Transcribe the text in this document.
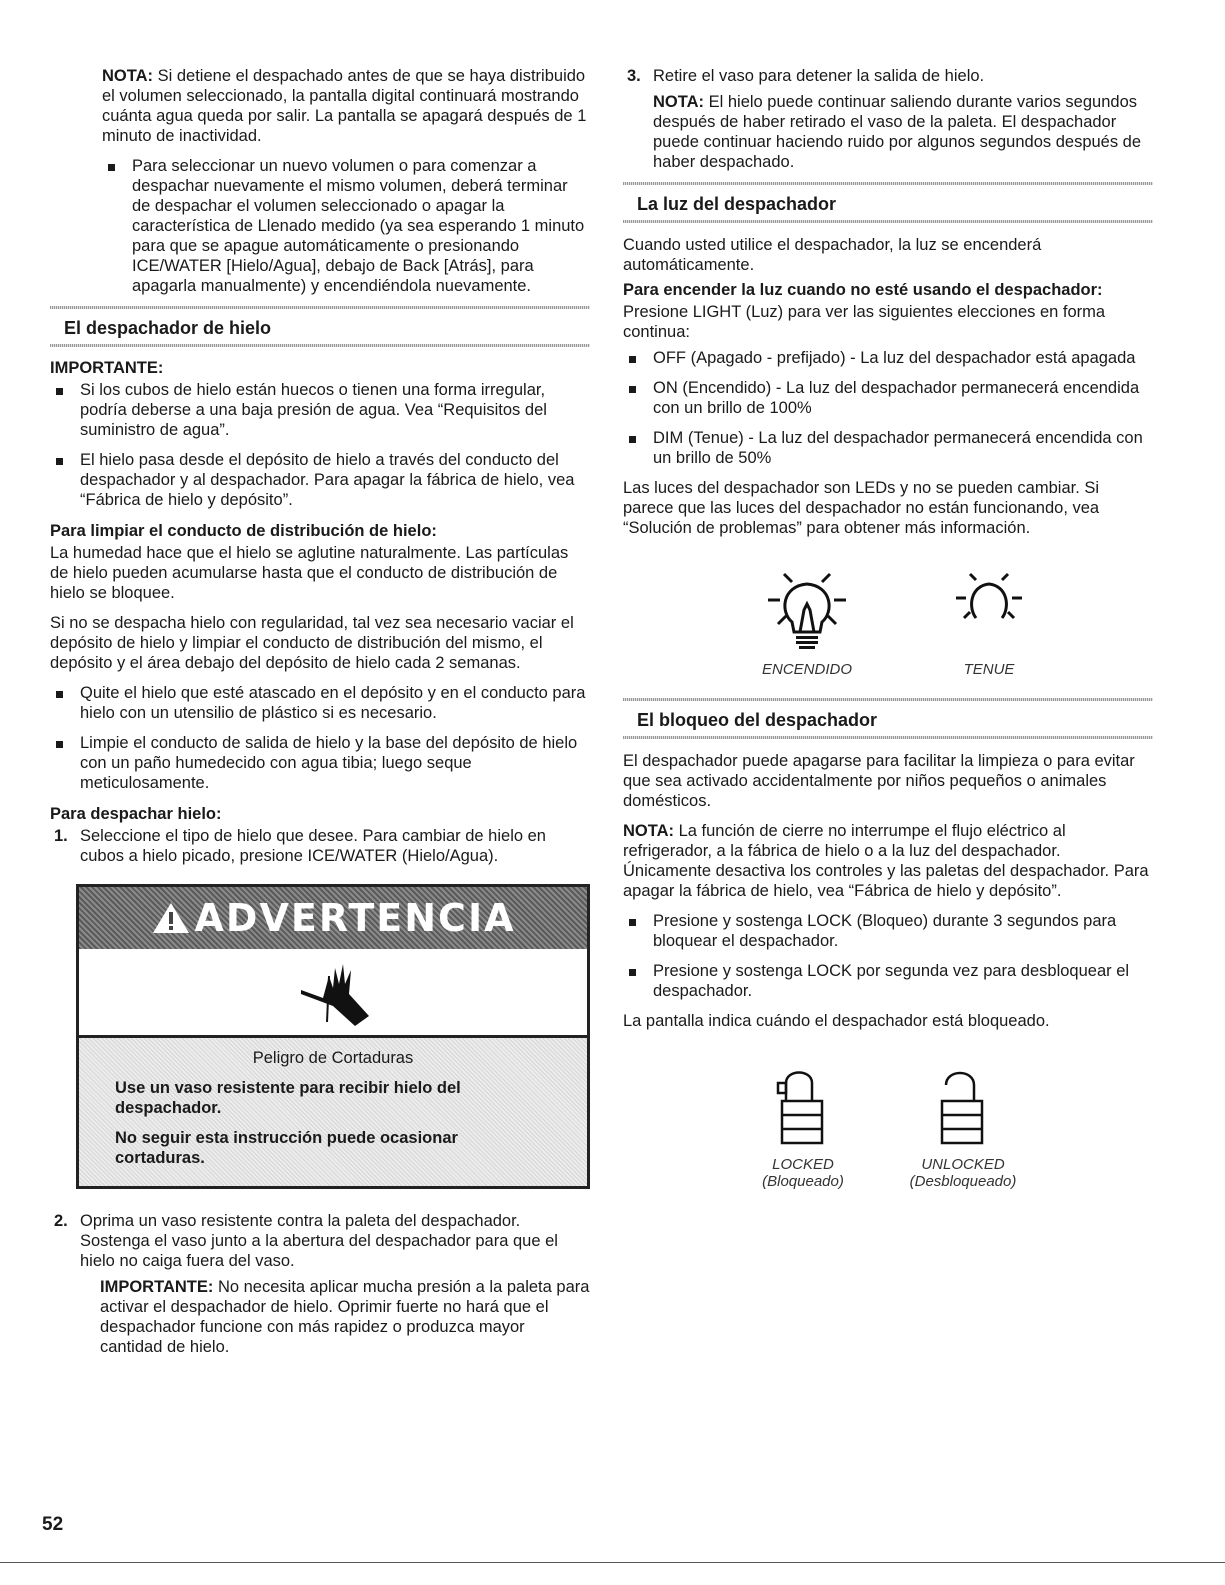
NOTA: Si detiene el despachado antes de que se haya distribuido el volumen seleccionado, la pantalla digital continuará mostrando cuánta agua queda por salir. La pantalla se apagará después de 1 minuto de inactividad.

Para seleccionar un nuevo volumen o para comenzar a despachar nuevamente el mismo volumen, deberá terminar de despachar el volumen seleccionado o apagar la característica de Llenado medido (ya sea esperando 1 minuto para que se apague automáticamente o presionando ICE/WATER [Hielo/Agua], debajo de Back [Atrás], para apagarla manualmente) y encendiéndola nuevamente.
El despachador de hielo
IMPORTANTE:
Si los cubos de hielo están huecos o tienen una forma irregular, podría deberse a una baja presión de agua. Vea “Requisitos del suministro de agua”.
El hielo pasa desde el depósito de hielo a través del conducto del despachador y al despachador. Para apagar la fábrica de hielo, vea “Fábrica de hielo y depósito”.
Para limpiar el conducto de distribución de hielo:

La humedad hace que el hielo se aglutine naturalmente. Las partículas de hielo pueden acumularse hasta que el conducto de distribución de hielo se bloquee.

Si no se despacha hielo con regularidad, tal vez sea necesario vaciar el depósito de hielo y limpiar el conducto de distribución del mismo, el depósito y el área debajo del depósito de hielo cada 2 semanas.

Quite el hielo que esté atascado en el depósito y en el conducto para hielo con un utensilio de plástico si es necesario.
Limpie el conducto de salida de hielo y la base del depósito de hielo con un paño humedecido con agua tibia; luego seque meticulosamente.
Para despachar hielo:
1. Seleccione el tipo de hielo que desee. Para cambiar de hielo en cubos a hielo picado, presione ICE/WATER (Hielo/Agua).
ADVERTENCIA

Peligro de Cortaduras

Use un vaso resistente para recibir hielo del despachador.

No seguir esta instrucción puede ocasionar cortaduras.

2. Oprima un vaso resistente contra la paleta del despachador. Sostenga el vaso junto a la abertura del despachador para que el hielo no caiga fuera del vaso.

IMPORTANTE: No necesita aplicar mucha presión a la paleta para activar el despachador de hielo. Oprimir fuerte no hará que el despachador funcione con más rapidez o produzca mayor cantidad de hielo.

3. Retire el vaso para detener la salida de hielo.

NOTA: El hielo puede continuar saliendo durante varios segundos después de haber retirado el vaso de la paleta. El despachador puede continuar haciendo ruido por algunos segundos después de haber despachado.

La luz del despachador

Cuando usted utilice el despachador, la luz se encenderá automáticamente.

Para encender la luz cuando no esté usando el despachador:

Presione LIGHT (Luz) para ver las siguientes elecciones en forma continua:

OFF (Apagado - prefijado) - La luz del despachador está apagada
ON (Encendido) - La luz del despachador permanecerá encendida con un brillo de 100%
DIM (Tenue) - La luz del despachador permanecerá encendida con un brillo de 50%

Las luces del despachador son LEDs y no se pueden cambiar. Si parece que las luces del despachador no están funcionando, vea “Solución de problemas” para obtener más información.

ENCENDIDO	TENUE
El bloqueo del despachador

El despachador puede apagarse para facilitar la limpieza o para evitar que sea activado accidentalmente por niños pequeños o animales domésticos.

NOTA: La función de cierre no interrumpe el flujo eléctrico al refrigerador, a la fábrica de hielo o a la luz del despachador. Únicamente desactiva los controles y las paletas del despachador. Para apagar la fábrica de hielo, vea “Fábrica de hielo y depósito”.

Presione y sostenga LOCK (Bloqueo) durante 3 segundos para bloquear el despachador.
Presione y sostenga LOCK por segunda vez para desbloquear el despachador.

La pantalla indica cuándo el despachador está bloqueado.

LOCKED
(Bloqueado)
UNLOCKED
(Desbloqueado)
52
